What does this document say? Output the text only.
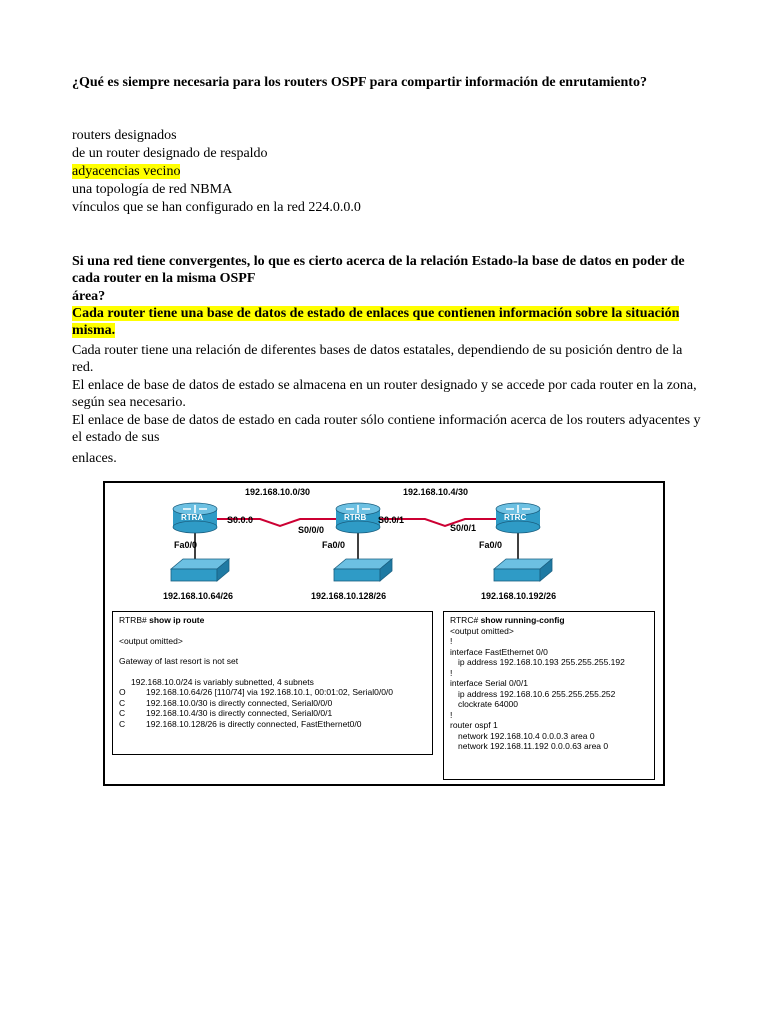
¿Qué es siempre necesaria para los routers OSPF para compartir información de enrutamiento?

routers designados
de un router designado de respaldo
adyacencias vecino
una topología de red NBMA
vínculos que se han configurado en la red 224.0.0.0

Si una red tiene convergentes, lo que es cierto acerca de la relación Estado-la base de datos en poder de cada router en la misma OSPF

área?

Cada router tiene una base de datos de estado de enlaces que contienen información sobre la situación misma.

Cada router tiene una relación de diferentes bases de datos estatales, dependiendo de su posición dentro de la red.
El enlace de base de datos de estado se almacena en un router designado y se accede por cada router en la zona, según sea necesario.
El enlace de base de datos de estado en cada router sólo contiene información acerca de los routers adyacentes y el estado de sus
enlaces.
RTRA	RTRB	RTRC
192.168.10.0/30	192.168.10.4/30
S0.0.0
S0/0/0
S0.0/1
S0/0/1
Fa0/0	Fa0/0	Fa0/0
192.168.10.64/26	192.168.10.128/26	192.168.10.192/26
RTRB# show ip route
<output omitted>
Gateway of last resort is not set
192.168.10.0/24 is variably subnetted, 4 subnets
O	192.168.10.64/26 [110/74] via 192.168.10.1, 00:01:02, Serial0/0/0
C	192.168.10.0/30 is directly connected, Serial0/0/0
C	192.168.10.4/30 is directly connected, Serial0/0/1
C	192.168.10.128/26 is directly connected, FastEthernet0/0
RTRC# show running-config
<output omitted>
!
interface FastEthernet 0/0
ip address 192.168.10.193 255.255.255.192
!
interface Serial 0/0/1
ip address 192.168.10.6 255.255.255.252
clockrate 64000
!
router ospf 1
network 192.168.10.4 0.0.0.3 area 0
network 192.168.11.192 0.0.0.63 area 0
